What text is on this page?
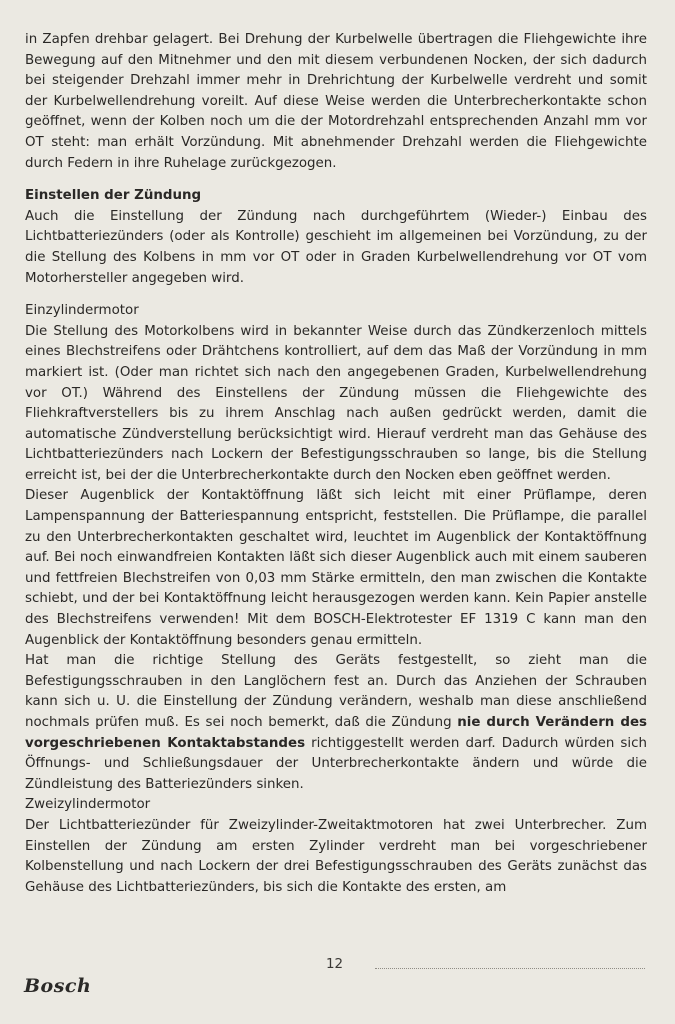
in Zapfen drehbar gelagert. Bei Drehung der Kurbelwelle übertragen die Fliehgewichte ihre Bewegung auf den Mitnehmer und den mit diesem verbundenen Nocken, der sich dadurch bei steigender Drehzahl immer mehr in Drehrichtung der Kurbelwelle verdreht und somit der Kurbelwellendrehung voreilt. Auf diese Weise werden die Unterbrecherkontakte schon geöffnet, wenn der Kolben noch um die der Motordrehzahl entsprechenden Anzahl mm vor OT steht: man erhält Vorzündung. Mit abnehmender Drehzahl werden die Fliehgewichte durch Federn in ihre Ruhelage zurückgezogen.

Einstellen der Zündung

Auch die Einstellung der Zündung nach durchgeführtem (Wieder-) Einbau des Lichtbatteriezünders (oder als Kontrolle) geschieht im allgemeinen bei Vorzündung, zu der die Stellung des Kolbens in mm vor OT oder in Graden Kurbelwellendrehung vor OT vom Motorhersteller angegeben wird.

Einzylindermotor

Die Stellung des Motorkolbens wird in bekannter Weise durch das Zündkerzenloch mittels eines Blechstreifens oder Drähtchens kontrolliert, auf dem das Maß der Vorzündung in mm markiert ist. (Oder man richtet sich nach den angegebenen Graden, Kurbelwellendrehung vor OT.) Während des Einstellens der Zündung müssen die Fliehgewichte des Fliehkraftverstellers bis zu ihrem Anschlag nach außen gedrückt werden, damit die automatische Zündverstellung berücksichtigt wird. Hierauf verdreht man das Gehäuse des Lichtbatteriezünders nach Lockern der Befestigungsschrauben so lange, bis die Stellung erreicht ist, bei der die Unterbrecherkontakte durch den Nocken eben geöffnet werden.

Dieser Augenblick der Kontaktöffnung läßt sich leicht mit einer Prüflampe, deren Lampenspannung der Batteriespannung entspricht, feststellen. Die Prüflampe, die parallel zu den Unterbrecherkontakten geschaltet wird, leuchtet im Augenblick der Kontaktöffnung auf. Bei noch einwandfreien Kontakten läßt sich dieser Augenblick auch mit einem sauberen und fettfreien Blechstreifen von 0,03 mm Stärke ermitteln, den man zwischen die Kontakte schiebt, und der bei Kontaktöffnung leicht herausgezogen werden kann. Kein Papier anstelle des Blechstreifens verwenden! Mit dem BOSCH-Elektrotester EF 1319 C kann man den Augenblick der Kontaktöffnung besonders genau ermitteln.

Hat man die richtige Stellung des Geräts festgestellt, so zieht man die Befestigungsschrauben in den Langlöchern fest an. Durch das Anziehen der Schrauben kann sich u. U. die Einstellung der Zündung verändern, weshalb man diese anschließend nochmals prüfen muß. Es sei noch bemerkt, daß die Zündung nie durch Verändern des vorgeschriebenen Kontaktabstandes richtiggestellt werden darf. Dadurch würden sich Öffnungs- und Schließungsdauer der Unterbrecherkontakte ändern und würde die Zündleistung des Batteriezünders sinken.

Zweizylindermotor

Der Lichtbatteriezünder für Zweizylinder-Zweitaktmotoren hat zwei Unterbrecher. Zum Einstellen der Zündung am ersten Zylinder verdreht man bei vorgeschriebener Kolbenstellung und nach Lockern der drei Befestigungsschrauben des Geräts zunächst das Gehäuse des Lichtbatteriezünders, bis sich die Kontakte des ersten, am

12
Bosch
